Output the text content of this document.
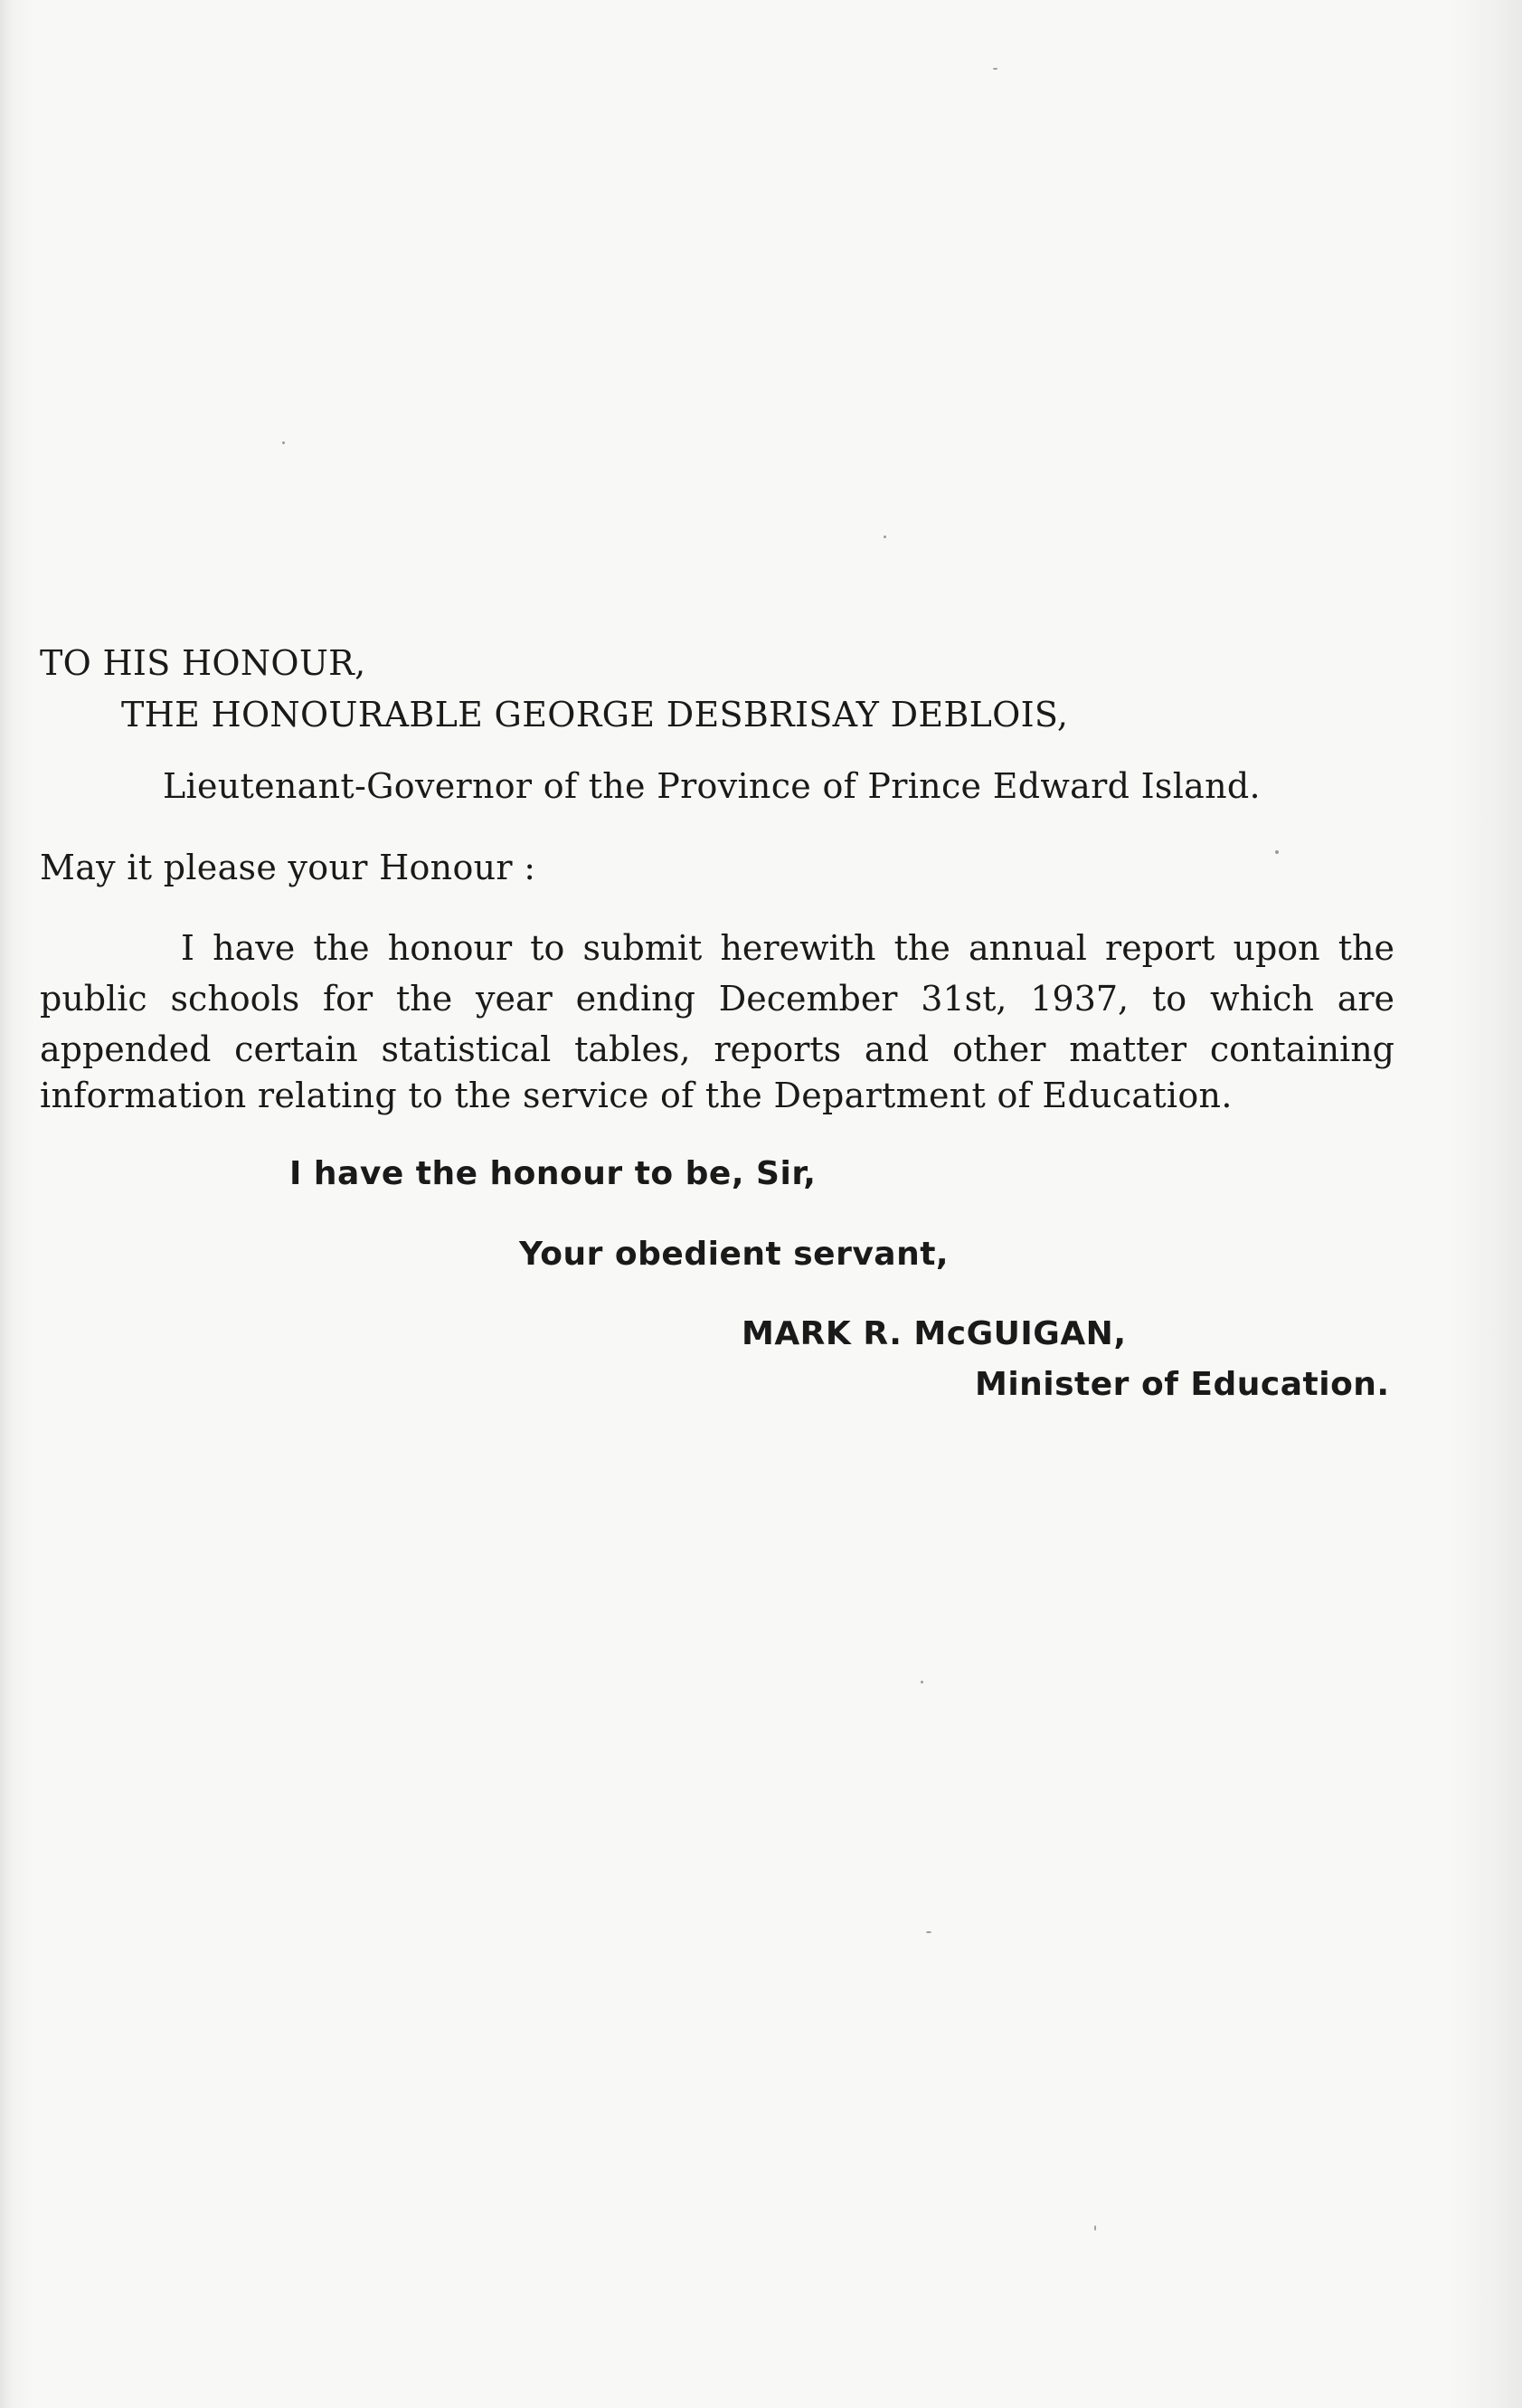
TO HIS HONOUR,
THE HONOURABLE GEORGE DESBRISAY DEBLOIS,
Lieutenant-Governor of the Province of Prince Edward Island.
May it please your Honour :
I have the honour to submit herewith the annual report upon the
public schools for the year ending December 31st, 1937, to which are
appended certain statistical tables, reports and other matter containing
information relating to the service of the Department of Education.
I have the honour to be, Sir,
Your obedient servant,
MARK R. McGUIGAN,
Minister of Education.
